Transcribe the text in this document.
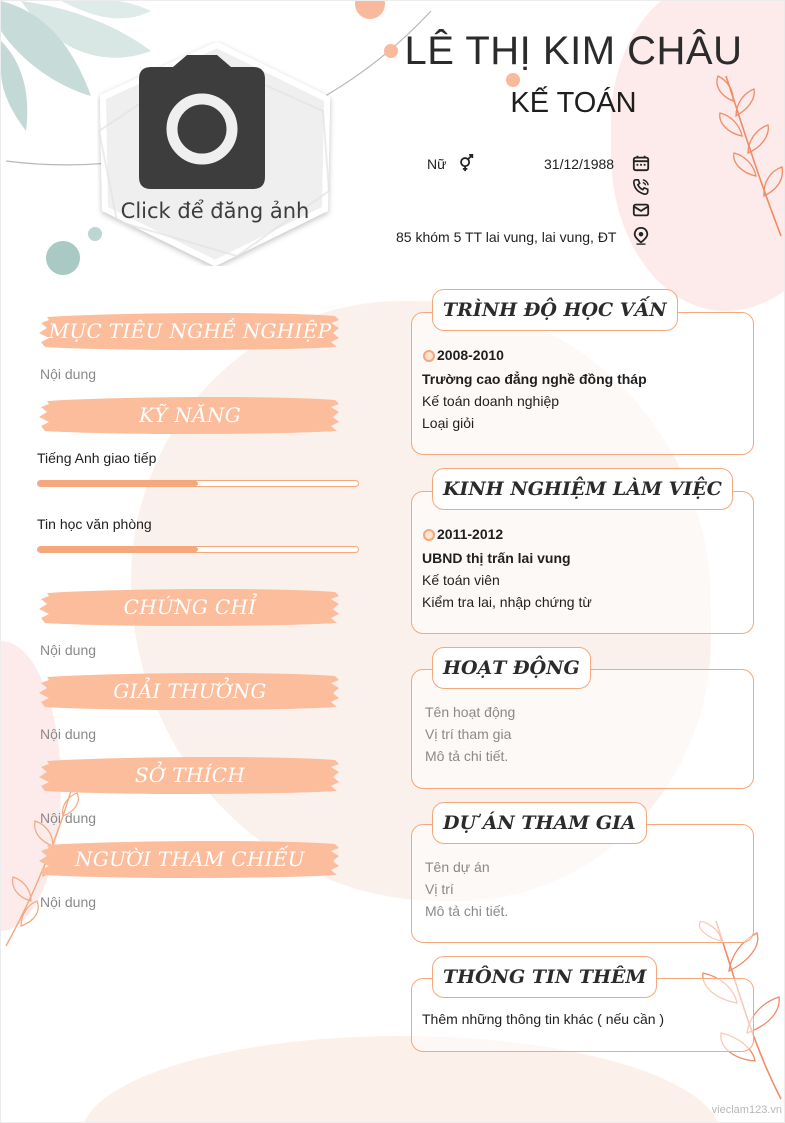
Click để đăng ảnh
LÊ THỊ KIM CHÂU
KẾ TOÁN
Nữ	31/12/1988
85 khóm 5 TT lai vung, lai vung, ĐT
MỤC TIÊU NGHỀ NGHIỆP
Nội dung
KỸ NĂNG
Tiếng Anh giao tiếp
Tin học văn phòng
CHỨNG CHỈ
Nội dung
GIẢI THƯỞNG
Nội dung
SỞ THÍCH
Nội dung
NGƯỜI THAM CHIẾU
Nội dung
TRÌNH ĐỘ HỌC VẤN
2008-2010
Trường cao đẳng nghề đồng tháp
Kế toán doanh nghiệp
Loại giỏi
KINH NGHIỆM LÀM VIỆC
2011-2012
UBND thị trấn lai vung
Kế toán viên
Kiểm tra lai, nhập chứng từ
HOẠT ĐỘNG
Tên hoạt động
Vị trí tham gia
Mô tả chi tiết.
DỰ ÁN THAM GIA
Tên dự án
Vị trí
Mô tả chi tiết.
THÔNG TIN THÊM
Thêm những thông tin khác ( nếu cần )
vieclam123.vn
